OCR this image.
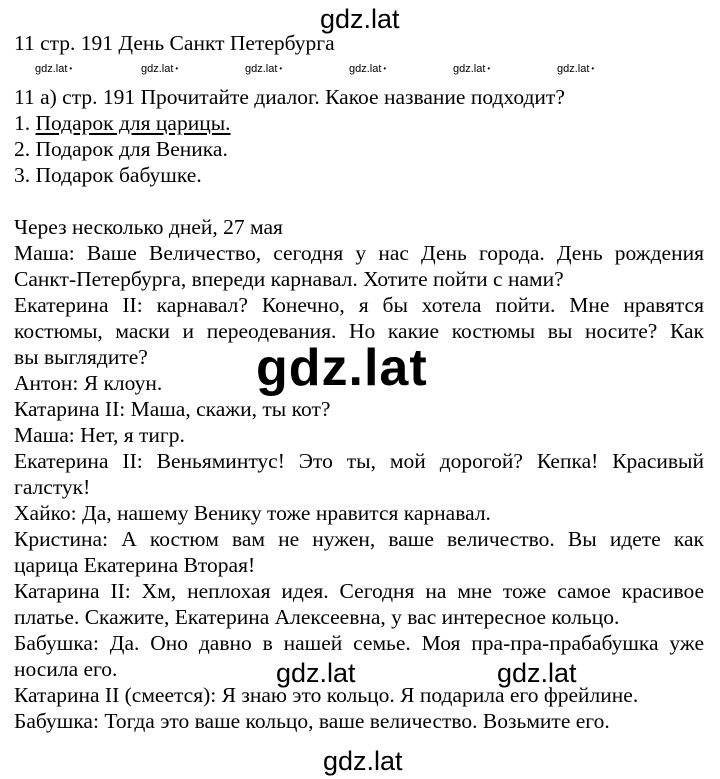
gdz.lat
gdz.lat •	gdz.lat •	gdz.lat •	gdz.lat •	gdz.lat •	gdz.lat •
11 стр. 191 День Санкт Петербурга
11 а) стр. 191 Прочитайте диалог. Какое название подходит?
1. Подарок для царицы.
2. Подарок для Веника.
3. Подарок бабушке.
Через несколько дней, 27 мая
Маша: Ваше Величество, сегодня у нас День города. День рождения
Санкт-Петербурга, впереди карнавал. Хотите пойти с нами?
Екатерина II: карнавал? Конечно, я бы хотела пойти. Мне нравятся
костюмы, маски и переодевания. Но какие костюмы вы носите? Как
вы выглядите?
Антон: Я клоун.
Катарина II: Маша, скажи, ты кот?
Маша: Нет, я тигр.
Екатерина II: Веньяминтус! Это ты, мой дорогой? Кепка! Красивый
галстук!
Хайко: Да, нашему Венику тоже нравится карнавал.
Кристина: А костюм вам не нужен, ваше величество. Вы идете как
царица Екатерина Вторая!
Катарина II: Хм, неплохая идея. Сегодня на мне тоже самое красивое
платье. Скажите, Екатерина Алексеевна, у вас интересное кольцо.
Бабушка: Да. Оно давно в нашей семье. Моя пра-пра-прабабушка уже
носила его.
Катарина II (смеется): Я знаю это кольцо. Я подарила его фрейлине.
Бабушка: Тогда это ваше кольцо, ваше величество. Возьмите его.
gdz.lat
gdz.lat	gdz.lat
gdz.lat
